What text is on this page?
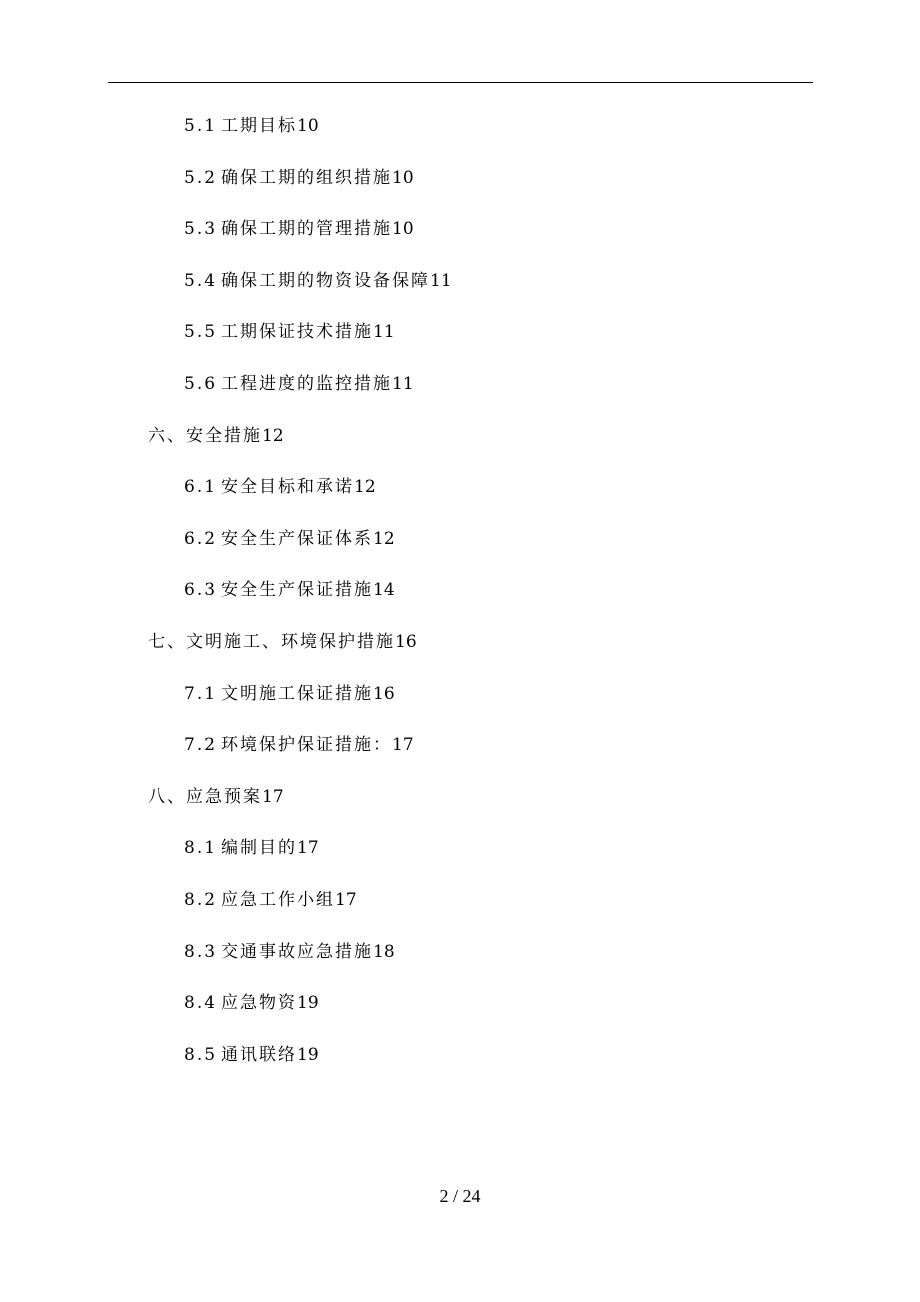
5.1 工期目标10
5.2 确保工期的组织措施10
5.3 确保工期的管理措施10
5.4 确保工期的物资设备保障11
5.5 工期保证技术措施11
5.6 工程进度的监控措施11
六、安全措施12
6.1 安全目标和承诺12
6.2 安全生产保证体系12
6.3 安全生产保证措施14
七、文明施工、环境保护措施16
7.1 文明施工保证措施16
7.2 环境保护保证措施：17
八、应急预案17
8.1 编制目的17
8.2 应急工作小组17
8.3 交通事故应急措施18
8.4 应急物资19
8.5 通讯联络19
2 / 24
